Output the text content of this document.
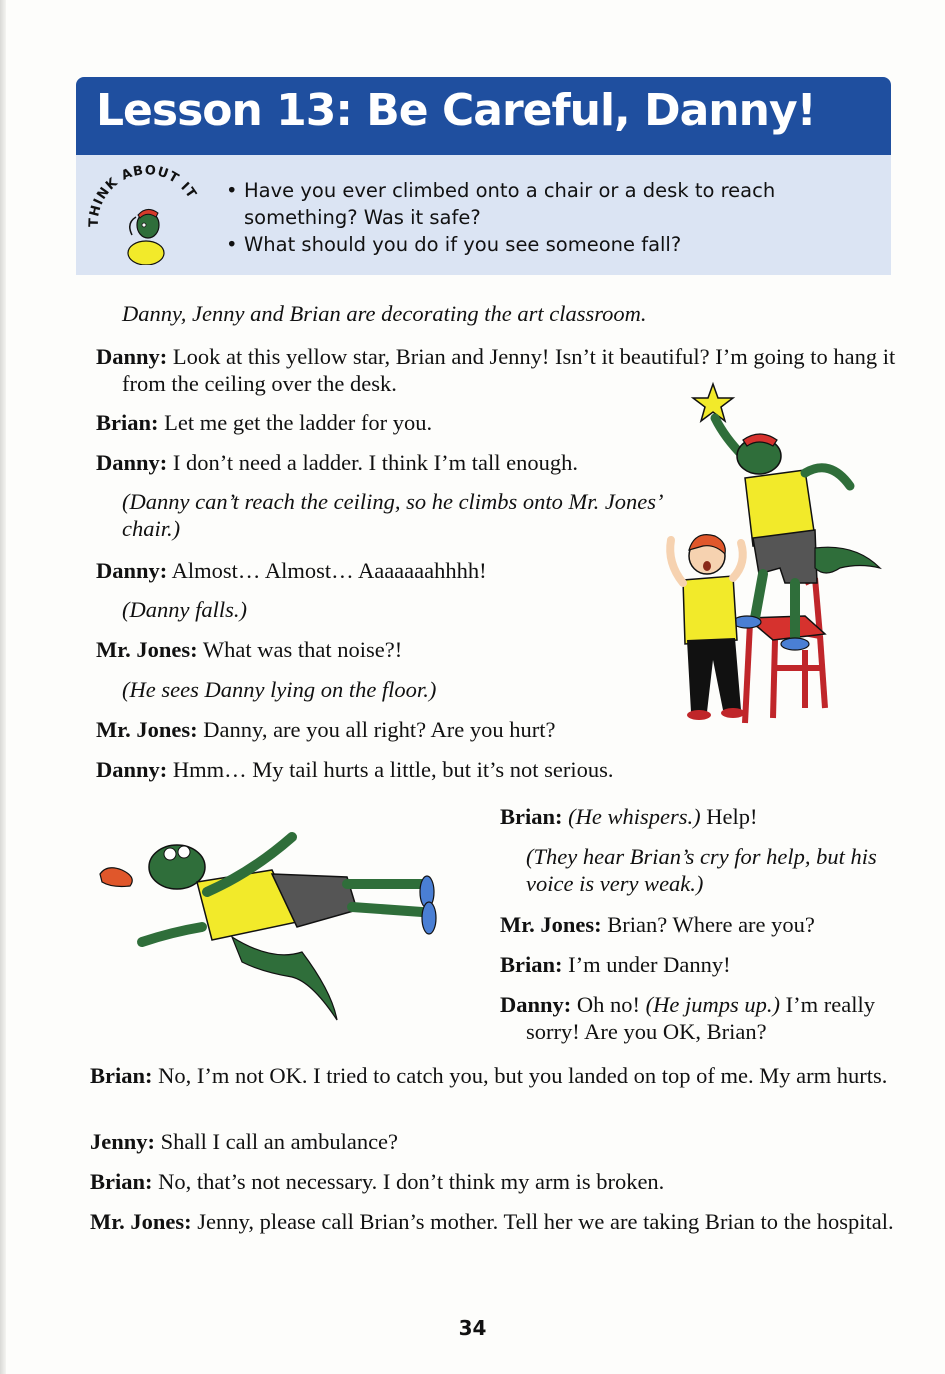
Lesson 13: Be Careful, Danny!
THINK ABOUT IT • Have you ever climbed onto a chair or a desk to reach something? Was it safe?
• What should you do if you see someone fall?
Danny, Jenny and Brian are decorating the art classroom.
Danny: Look at this yellow star, Brian and Jenny! Isn’t it beautiful? I’m going to hang it from the ceiling over the desk.
Brian: Let me get the ladder for you.
Danny: I don’t need a ladder. I think I’m tall enough.
(Danny can’t reach the ceiling, so he climbs onto Mr. Jones’ chair.)
Danny: Almost… Almost… Aaaaaaahhhh!
(Danny falls.)
Mr. Jones: What was that noise?!
(He sees Danny lying on the floor.)
Mr. Jones: Danny, are you all right? Are you hurt?
Danny: Hmm… My tail hurts a little, but it’s not serious.
Brian: (He whispers.) Help!
(They hear Brian’s cry for help, but his voice is very weak.)
Mr. Jones: Brian? Where are you?
Brian: I’m under Danny!
Danny: Oh no! (He jumps up.) I’m really sorry! Are you OK, Brian?
Brian: No, I’m not OK. I tried to catch you, but you landed on top of me. My arm hurts.
Jenny: Shall I call an ambulance?
Brian: No, that’s not necessary. I don’t think my arm is broken.
Mr. Jones: Jenny, please call Brian’s mother. Tell her we are taking Brian to the hospital.
34
